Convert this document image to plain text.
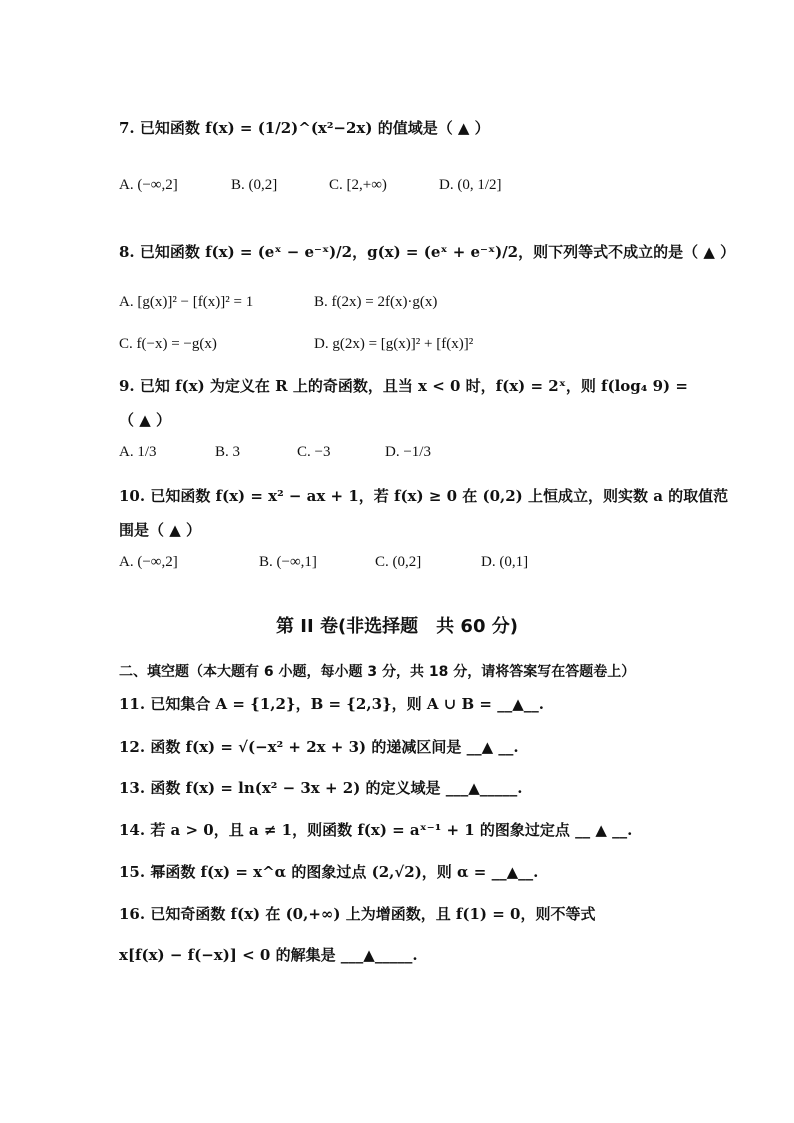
7. 已知函数 f(x) = (1/2)^(x²−2x) 的值域是（ ▲ ）
A. (−∞,2]	B. (0,2]	C. [2,+∞)	D. (0, 1/2]
8. 已知函数 f(x) = (eˣ − e⁻ˣ)/2，g(x) = (eˣ + e⁻ˣ)/2，则下列等式不成立的是（ ▲ ）
A. [g(x)]² − [f(x)]² = 1	B. f(2x) = 2f(x)·g(x)
C. f(−x) = −g(x)	D. g(2x) = [g(x)]² + [f(x)]²
9. 已知 f(x) 为定义在 R 上的奇函数，且当 x < 0 时，f(x) = 2ˣ，则 f(log₄ 9) =
（ ▲ ）
A. 1/3	B. 3	C. −3	D. −1/3
10. 已知函数 f(x) = x² − ax + 1，若 f(x) ≥ 0 在 (0,2) 上恒成立，则实数 a 的取值范
围是（ ▲ ）
A. (−∞,2]	B. (−∞,1]	C. (0,2]	D. (0,1]
第 II 卷(非选择题　共 60 分)
二、填空题（本大题有 6 小题，每小题 3 分，共 18 分，请将答案写在答题卷上）
11. 已知集合 A = {1,2}，B = {2,3}，则 A ∪ B = __▲__.
12. 函数 f(x) = √(−x² + 2x + 3) 的递减区间是 __▲ __.
13. 函数 f(x) = ln(x² − 3x + 2) 的定义域是 ___▲_____.
14. 若 a > 0，且 a ≠ 1，则函数 f(x) = aˣ⁻¹ + 1 的图象过定点 __ ▲ __.
15. 幂函数 f(x) = x^α 的图象过点 (2,√2)，则 α = __▲__.
16. 已知奇函数 f(x) 在 (0,+∞) 上为增函数，且 f(1) = 0，则不等式
x[f(x) − f(−x)] < 0 的解集是 ___▲_____.
